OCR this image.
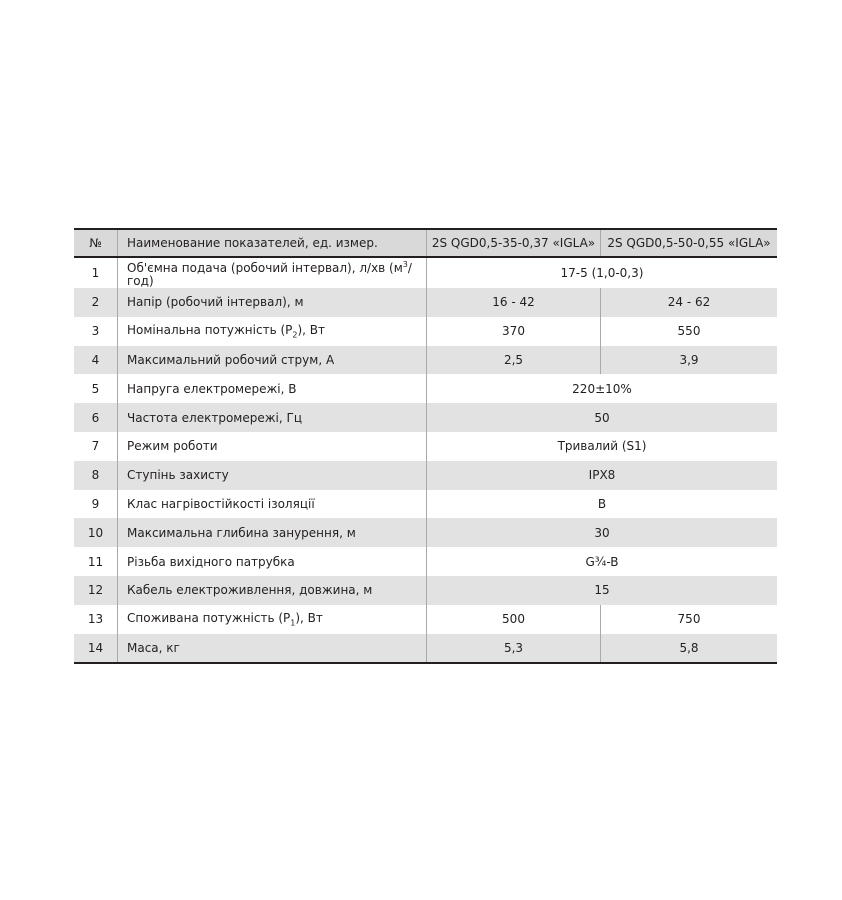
№	Наименование показателей, ед. измер.	2S QGD0,5-35-0,37 «IGLA»	2S QGD0,5-50-0,55 «IGLA»
1	Об'ємна подача (робочий інтервал), л/хв ($м^3/$ год)	17-5 (1,0-0,3)	
2	Напір (робочий інтервал), м	16 - 42	24 - 62
3	Номінальна потужність $(P_2)$, Вт	370	550
4	Максимальний робочий струм, А	2,5	3,9
5	Напруга електромережі, В	220±10%	
6	Частота електромережі, Гц	50	
7	Режим роботи	Тривалий (S1)	
8	Ступінь захисту	IPX8	
9	Клас нагрівостійкості ізоляції	В	
10	Максимальна глибина занурення, м	30	
11	Різьба вихідного патрубка	G¾-B	
12	Кабель електроживлення, довжина, м	15	
13	Споживана потужність $(P_1)$, Вт	500	750
14	Маса, кг	5,3	5,8
